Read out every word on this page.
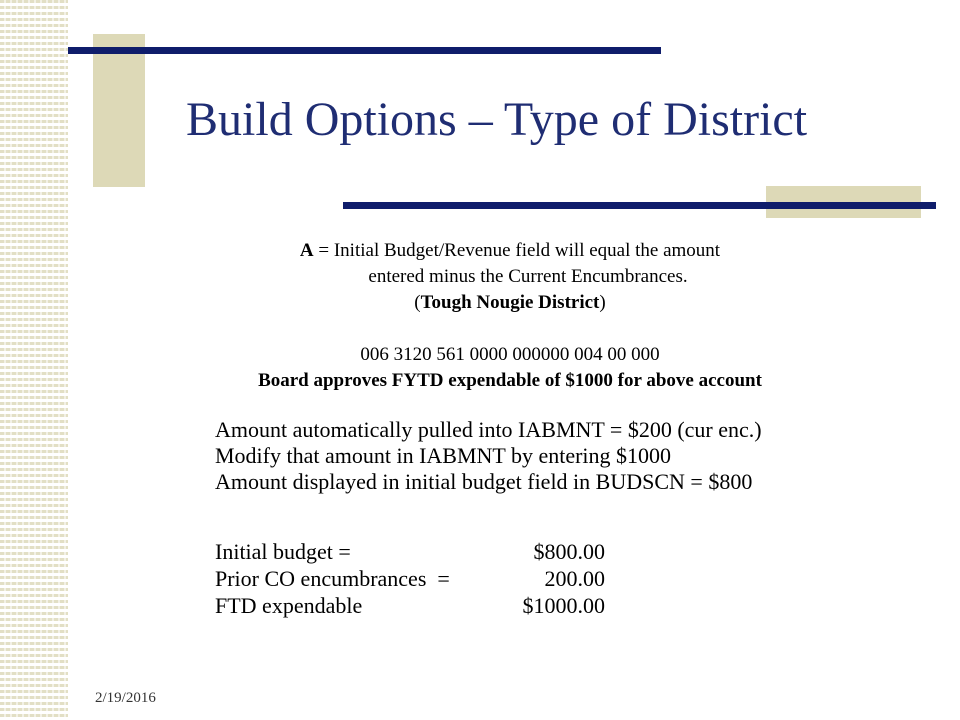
Build Options – Type of District
A = Initial Budget/Revenue field will equal the amount
entered minus the Current Encumbrances.
(Tough Nougie District)
006 3120 561 0000 000000 004 00 000
Board approves FYTD expendable of $1000 for above account
Amount automatically pulled into IABMNT = $200 (cur enc.)
Modify that amount in IABMNT by entering $1000
Amount displayed in initial budget field in BUDSCN = $800
Initial budget =	$800.00
Prior CO encumbrances  =	200.00
FTD expendable	$1000.00
2/19/2016
